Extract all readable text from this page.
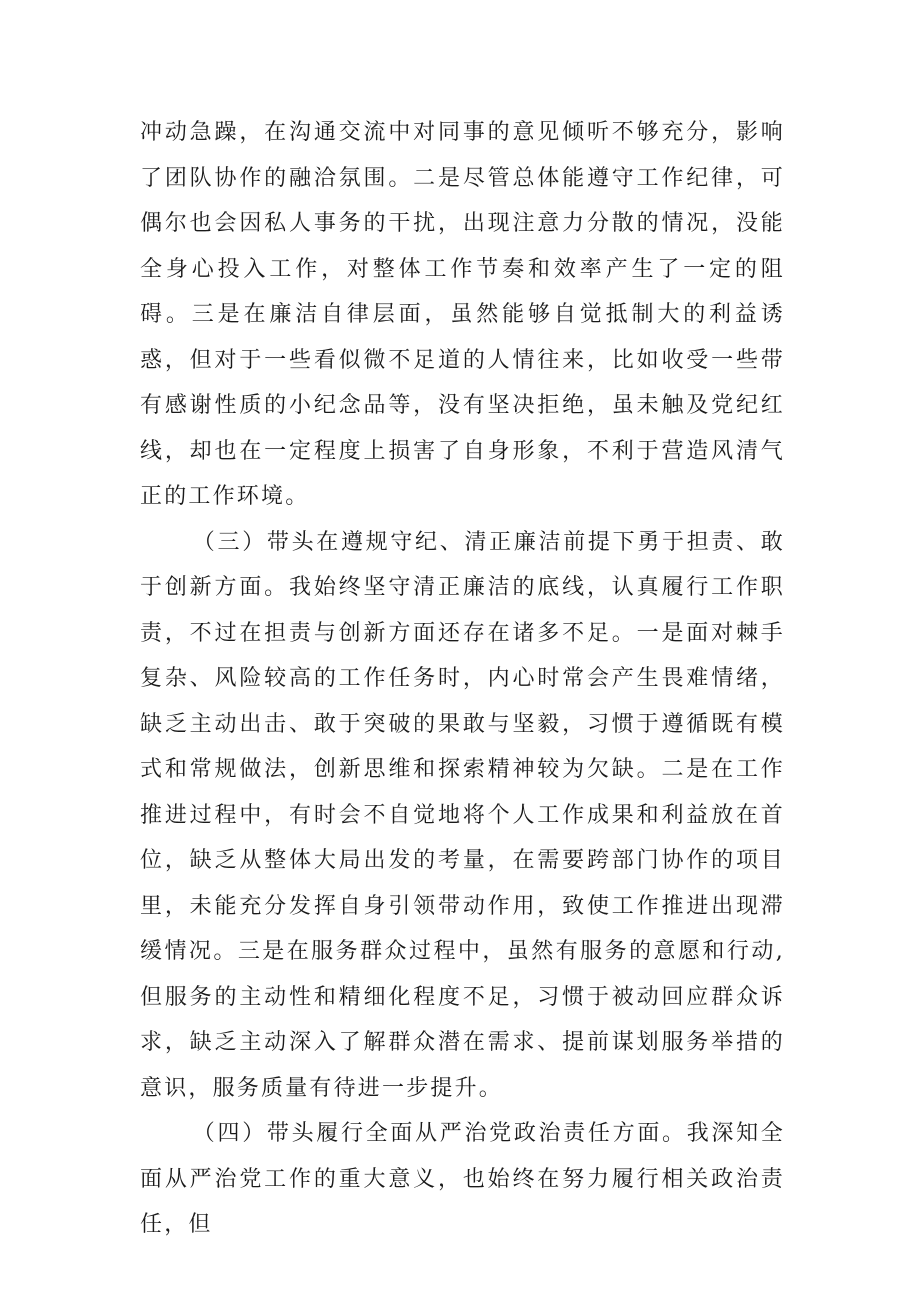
冲动急躁，在沟通交流中对同事的意见倾听不够充分，影响了团队协作的融洽氛围。二是尽管总体能遵守工作纪律，可偶尔也会因私人事务的干扰，出现注意力分散的情况，没能全身心投入工作，对整体工作节奏和效率产生了一定的阻碍。三是在廉洁自律层面，虽然能够自觉抵制大的利益诱惑，但对于一些看似微不足道的人情往来，比如收受一些带有感谢性质的小纪念品等，没有坚决拒绝，虽未触及党纪红线，却也在一定程度上损害了自身形象，不利于营造风清气正的工作环境。

（三）带头在遵规守纪、清正廉洁前提下勇于担责、敢于创新方面。我始终坚守清正廉洁的底线，认真履行工作职责，不过在担责与创新方面还存在诸多不足。一是面对棘手复杂、风险较高的工作任务时，内心时常会产生畏难情绪，缺乏主动出击、敢于突破的果敢与坚毅，习惯于遵循既有模式和常规做法，创新思维和探索精神较为欠缺。二是在工作推进过程中，有时会不自觉地将个人工作成果和利益放在首位，缺乏从整体大局出发的考量，在需要跨部门协作的项目里，未能充分发挥自身引领带动作用，致使工作推进出现滞缓情况。三是在服务群众过程中，虽然有服务的意愿和行动,但服务的主动性和精细化程度不足，习惯于被动回应群众诉求，缺乏主动深入了解群众潜在需求、提前谋划服务举措的意识，服务质量有待进一步提升。

（四）带头履行全面从严治党政治责任方面。我深知全面从严治党工作的重大意义，也始终在努力履行相关政治责任，但
